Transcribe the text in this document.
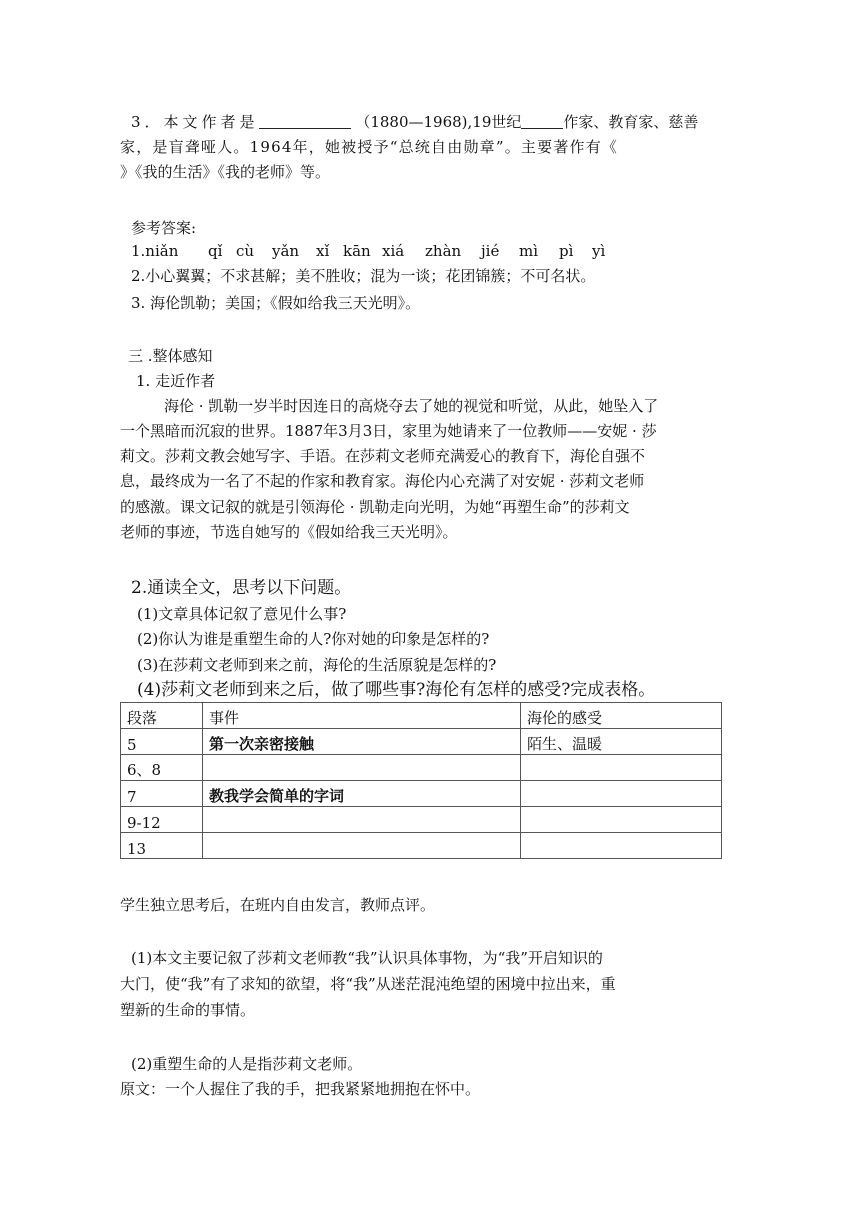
3．本文作者是	（1880—1968),19世纪	作家、教育家、慈善
家，是盲聋哑人。1964年，她被授予“总统自由勋章”。主要著作有《
》《我的生活》《我的老师》等。
参考答案:
1.niǎn qǐ cù yǎn xǐ kān xiá zhàn jié mì pì yì
2.小心翼翼；不求甚解；美不胜收；混为一谈；花团锦簇；不可名状。
3. 海伦凯勒；美国；《假如给我三天光明》。
三 .整体感知
1. 走近作者
海伦 · 凯勒一岁半时因连日的高烧夺去了她的视觉和听觉，从此，她坠入了
一个黑暗而沉寂的世界。1887年3月3日，家里为她请来了一位教师——安妮 · 莎
莉文。莎莉文教会她写字、手语。在莎莉文老师充满爱心的教育下，海伦自强不
息，最终成为一名了不起的作家和教育家。海伦内心充满了对安妮 · 莎莉文老师
的感激。课文记叙的就是引领海伦 · 凯勒走向光明，为她“再塑生命”的莎莉文
老师的事迹，节选自她写的《假如给我三天光明》。
2.通读全文，思考以下问题。
(1)文章具体记叙了意见什么事?
(2)你认为谁是重塑生命的人?你对她的印象是怎样的?
(3)在莎莉文老师到来之前，海伦的生活原貌是怎样的?
(4)莎莉文老师到来之后，做了哪些事?海伦有怎样的感受?完成表格。
段落	事件	海伦的感受
5	第一次亲密接触	陌生、温暖
6、8		
7	教我学会简单的字词	
9-12		
13		
学生独立思考后，在班内自由发言，教师点评。
(1)本文主要记叙了莎莉文老师教“我”认识具体事物，为“我”开启知识的
大门，使“我”有了求知的欲望，将“我”从迷茫混沌绝望的困境中拉出来，重
塑新的生命的事情。
(2)重塑生命的人是指莎莉文老师。
原文：一个人握住了我的手，把我紧紧地拥抱在怀中。
